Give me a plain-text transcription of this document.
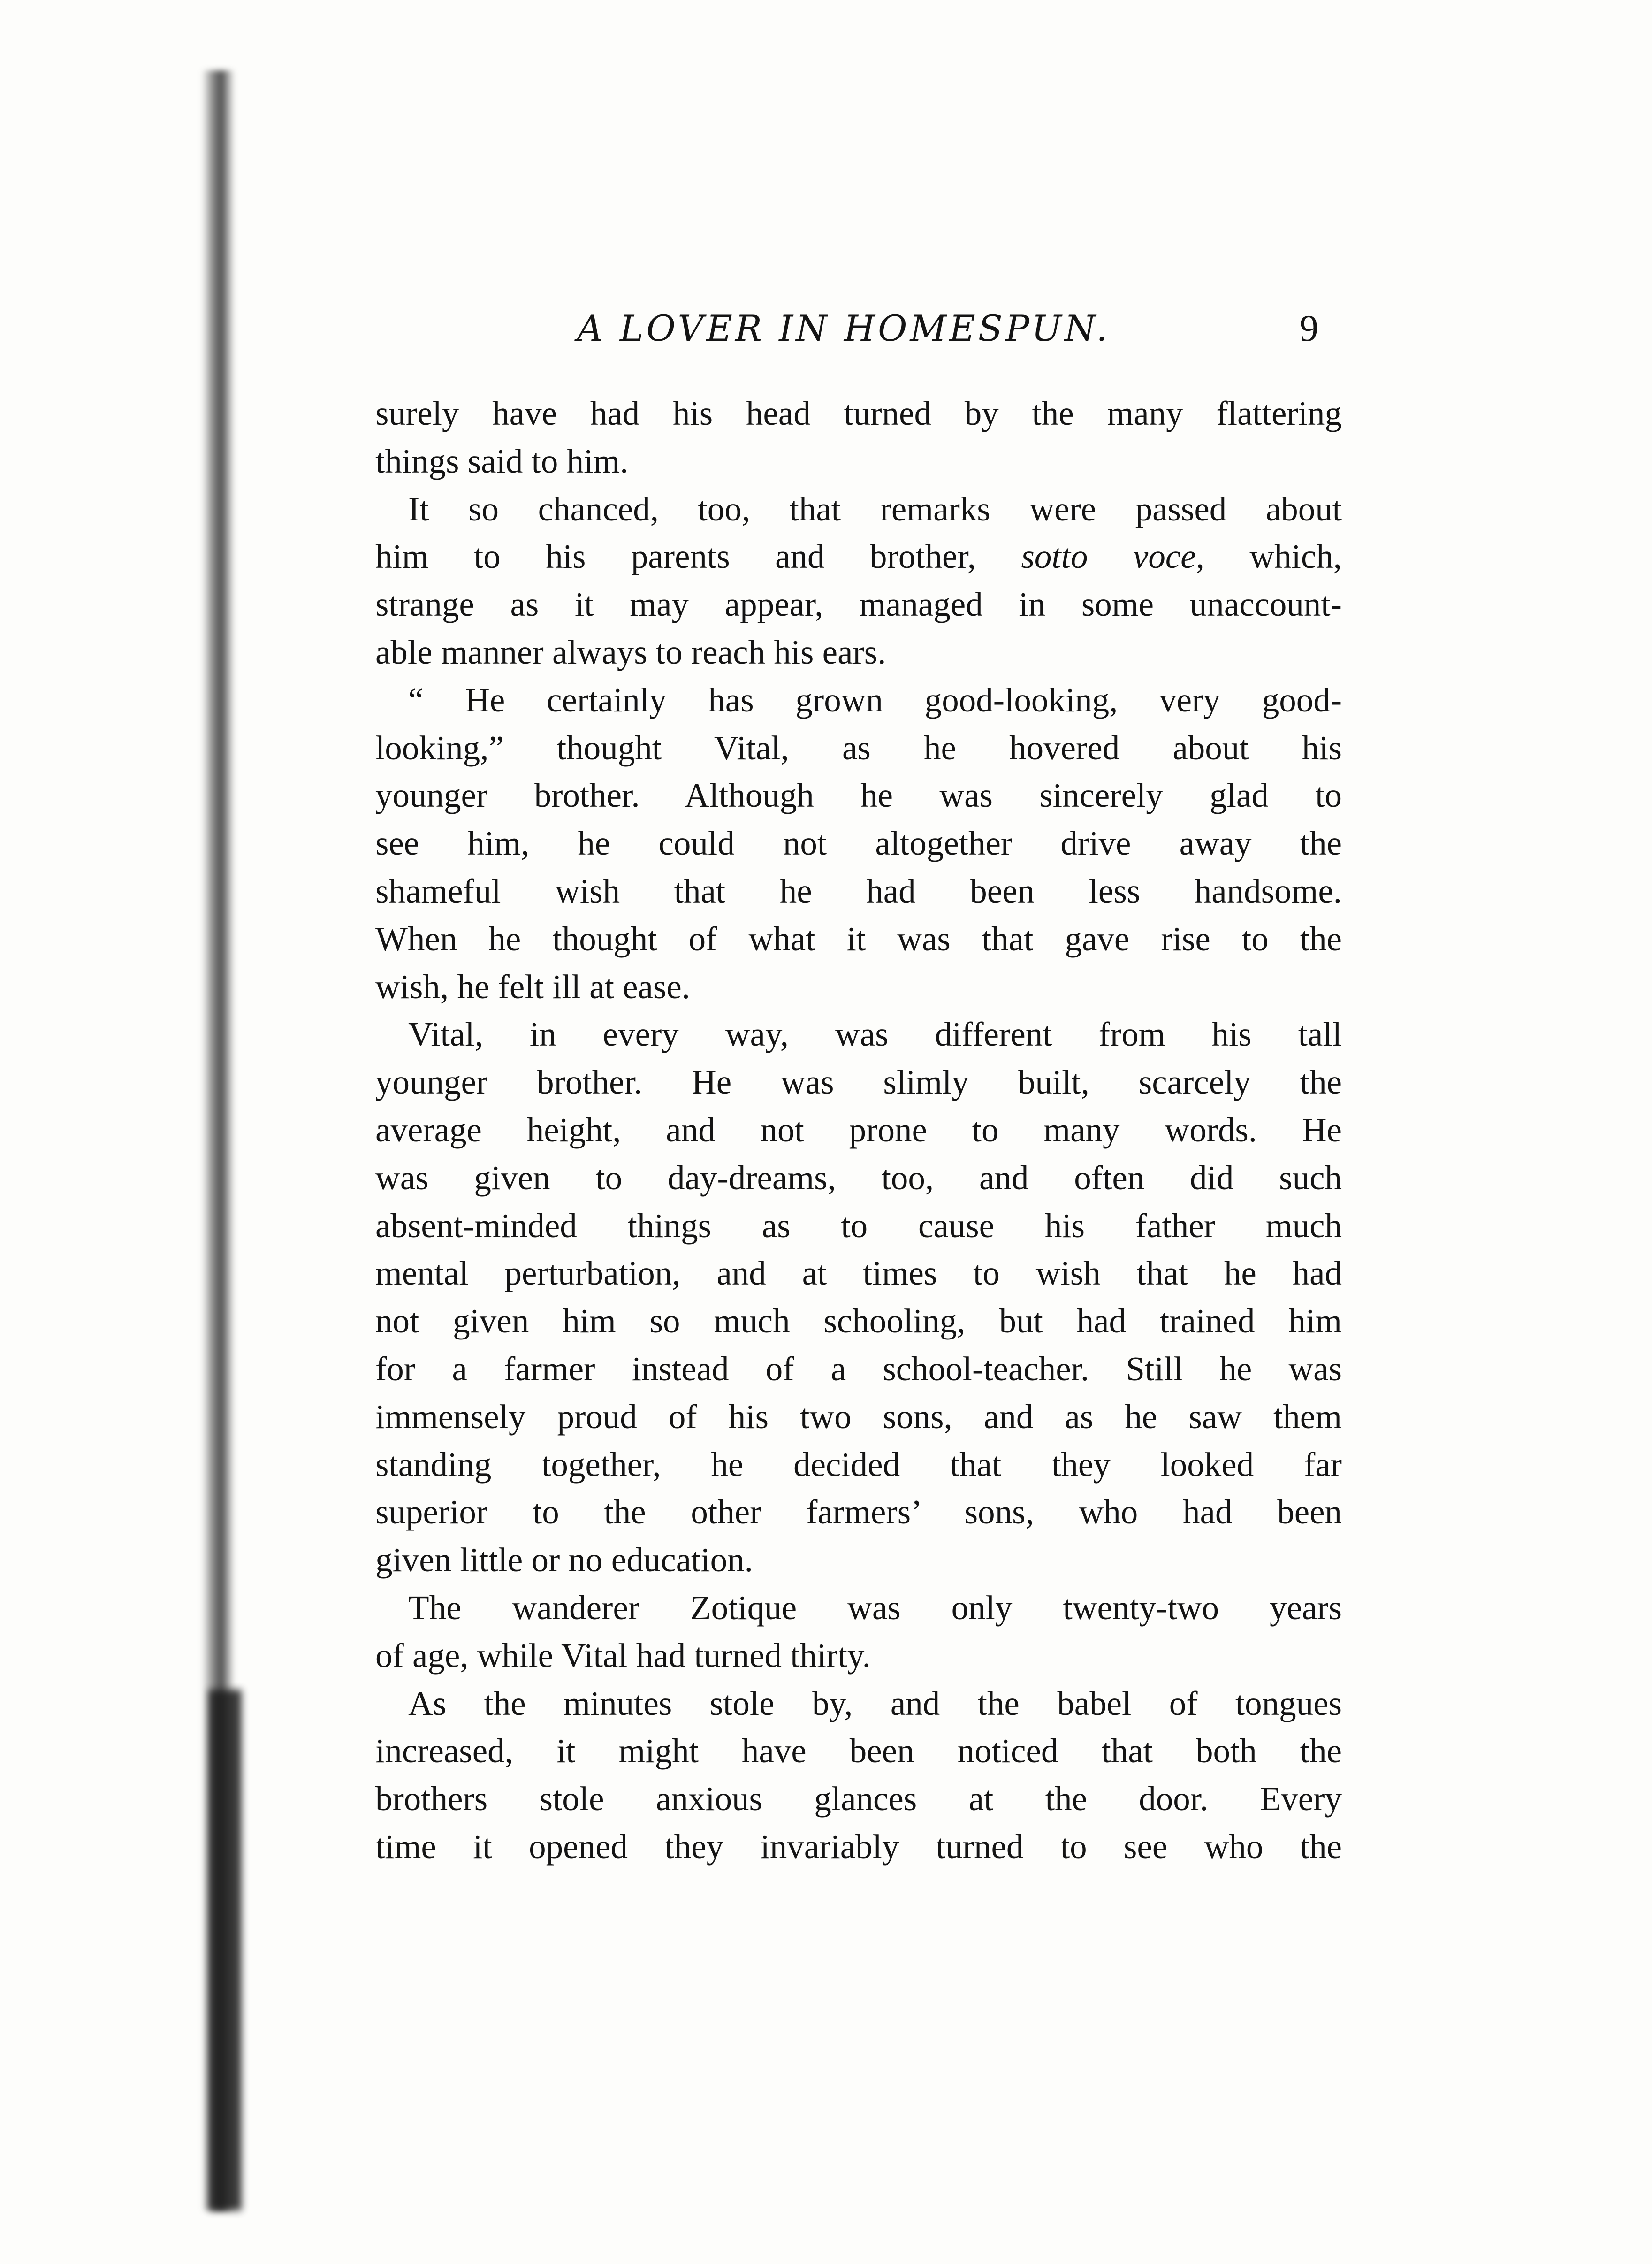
A LOVER IN HOMESPUN.	9
surely have had his head turned by the many flattering
things said to him.
It so chanced, too, that remarks were passed about
him to his parents and brother, sotto voce, which,
strange as it may appear, managed in some unaccount-
able manner always to reach his ears.
“ He certainly has grown good-looking, very good-
looking,” thought Vital, as he hovered about his
younger brother. Although he was sincerely glad to
see him, he could not altogether drive away the
shameful wish that he had been less handsome.
When he thought of what it was that gave rise to the
wish, he felt ill at ease.
Vital, in every way, was different from his tall
younger brother. He was slimly built, scarcely the
average height, and not prone to many words. He
was given to day-dreams, too, and often did such
absent-minded things as to cause his father much
mental perturbation, and at times to wish that he had
not given him so much schooling, but had trained him
for a farmer instead of a school-teacher. Still he was
immensely proud of his two sons, and as he saw them
standing together, he decided that they looked far
superior to the other farmers’ sons, who had been
given little or no education.
The wanderer Zotique was only twenty-two years
of age, while Vital had turned thirty.
As the minutes stole by, and the babel of tongues
increased, it might have been noticed that both the
brothers stole anxious glances at the door. Every
time it opened they invariably turned to see who the
